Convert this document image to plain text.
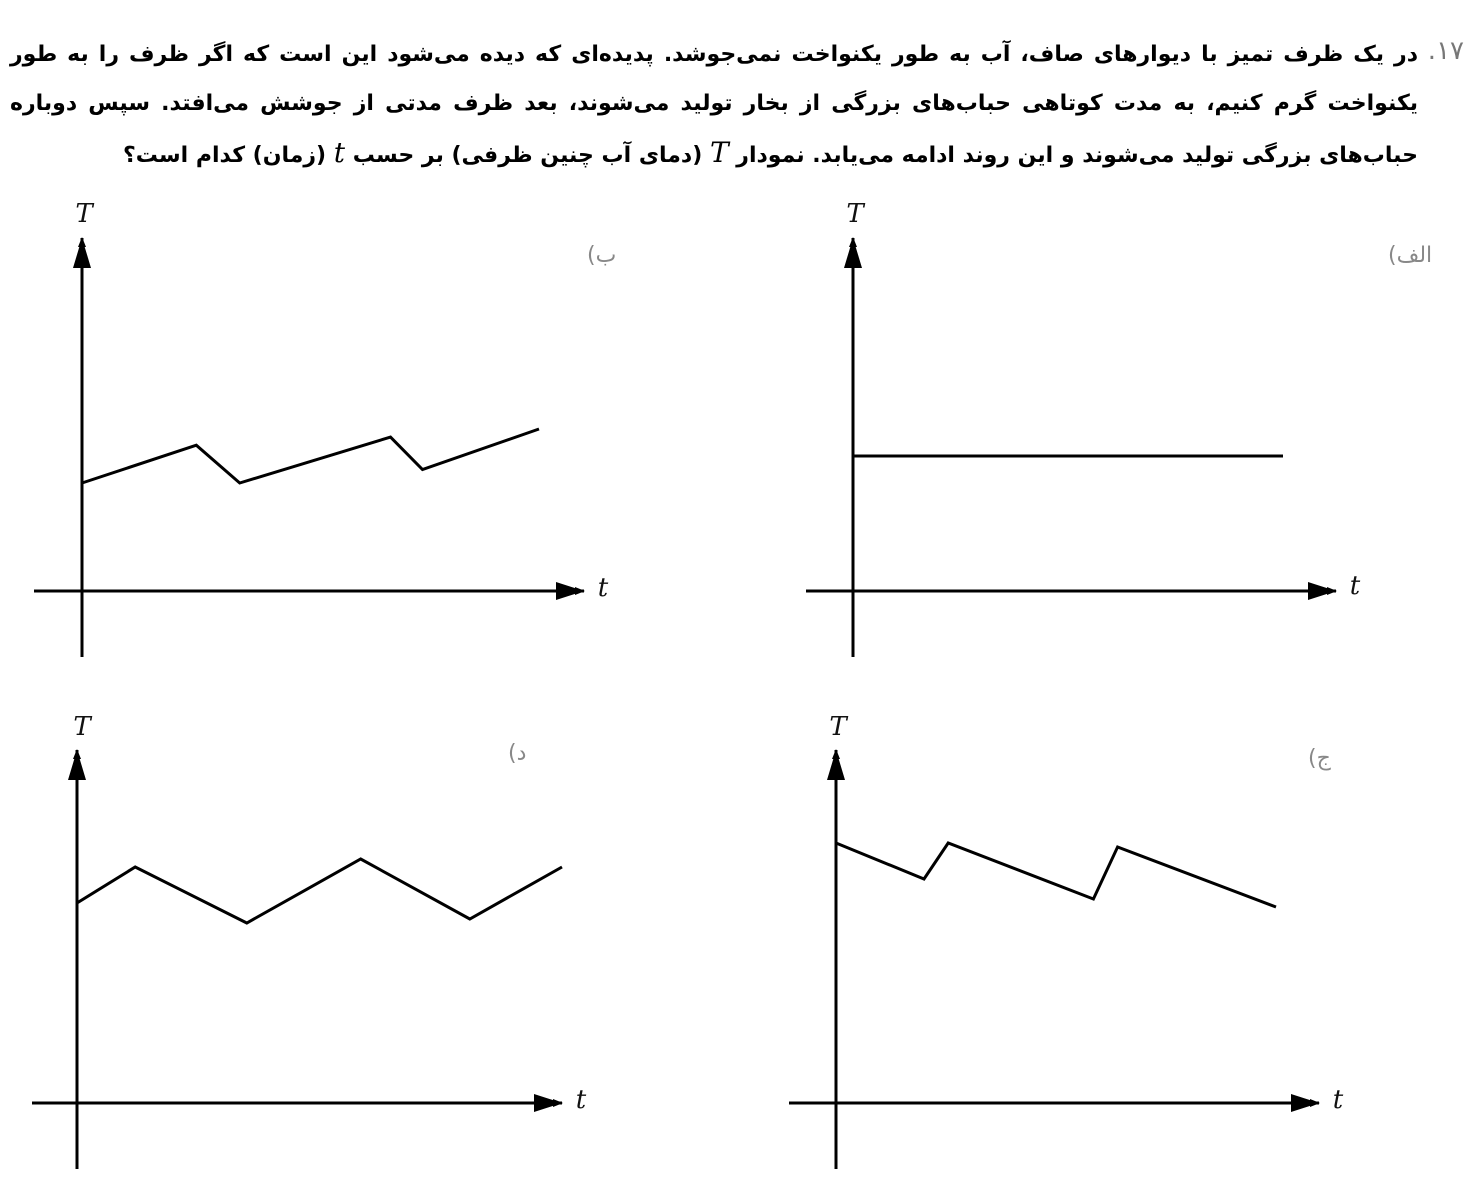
۱۷.
در یک ظرف تمیز با دیوارهای صاف، آب به طور یکنواخت نمی‌جوشد. پدیده‌ای که دیده می‌شود این است که اگر ظرف را به طور یکنواخت گرم کنیم، به مدت کوتاهی حباب‌های بزرگی از بخار تولید می‌شوند، بعد ظرف مدتی از جوشش می‌افتد. سپس دوباره حباب‌های بزرگی تولید می‌شوند و این روند ادامه می‌یابد. نمودار T (دمای آب چنین ظرفی) بر حسب t (زمان) کدام است؟
T
t
الف)
T
t
ب)
T
t
ج)
T
t
د)
